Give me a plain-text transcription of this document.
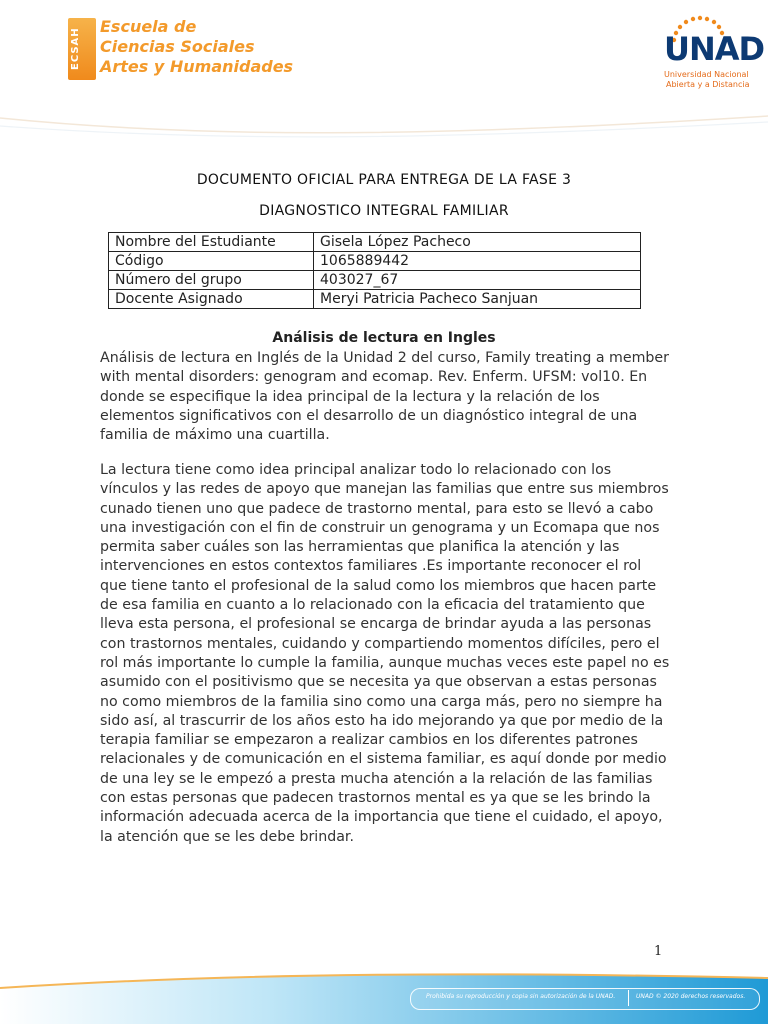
ECSAH
Escuela de
Ciencias Sociales
Artes y Humanidades	UNAD
Universidad Nacional
Abierta y a Distancia
DOCUMENTO OFICIAL PARA ENTREGA DE LA FASE 3
DIAGNOSTICO INTEGRAL FAMILIAR
Nombre del Estudiante	Gisela López Pacheco
Código	1065889442
Número del grupo	403027_67
Docente Asignado	Meryi Patricia Pacheco Sanjuan
Análisis de lectura en Ingles
Análisis de lectura en Inglés de la Unidad 2 del curso, Family treating a member with mental disorders: genogram and ecomap. Rev. Enferm. UFSM: vol10. En donde se especifique la idea principal de la lectura y la relación de los elementos significativos con el desarrollo de un diagnóstico integral de una familia de máximo una cuartilla.
La lectura tiene como idea principal analizar todo lo relacionado con los vínculos y las redes de apoyo que manejan las familias que entre sus miembros cunado tienen uno que padece de trastorno mental, para esto se llevó a cabo una investigación con el fin de construir un genograma y un Ecomapa que nos permita saber cuáles son las herramientas que planifica la atención y las intervenciones en estos contextos familiares .Es importante reconocer el rol que tiene tanto el profesional de la salud como los miembros que hacen parte de esa familia en cuanto a lo relacionado con la eficacia del tratamiento que lleva esta persona, el profesional se encarga de brindar ayuda a las personas con trastornos mentales, cuidando y compartiendo momentos difíciles, pero el rol más importante lo cumple la familia, aunque muchas veces este papel no es asumido con el positivismo que se necesita ya que observan a estas personas no como miembros de la familia sino como una carga más, pero no siempre ha sido así, al trascurrir de los años esto ha ido mejorando ya que por medio de la terapia familiar se empezaron a realizar cambios en los diferentes patrones relacionales y de comunicación en el sistema familiar, es aquí donde por medio de una ley se le empezó a presta mucha atención a la relación de las familias con estas personas que padecen trastornos mental es ya que se les brindo la información adecuada acerca de la importancia que tiene el cuidado, el apoyo, la atención que se les debe brindar.
1
Prohibida su reproducción y copia sin autorización de la UNAD.	UNAD © 2020 derechos reservados.
